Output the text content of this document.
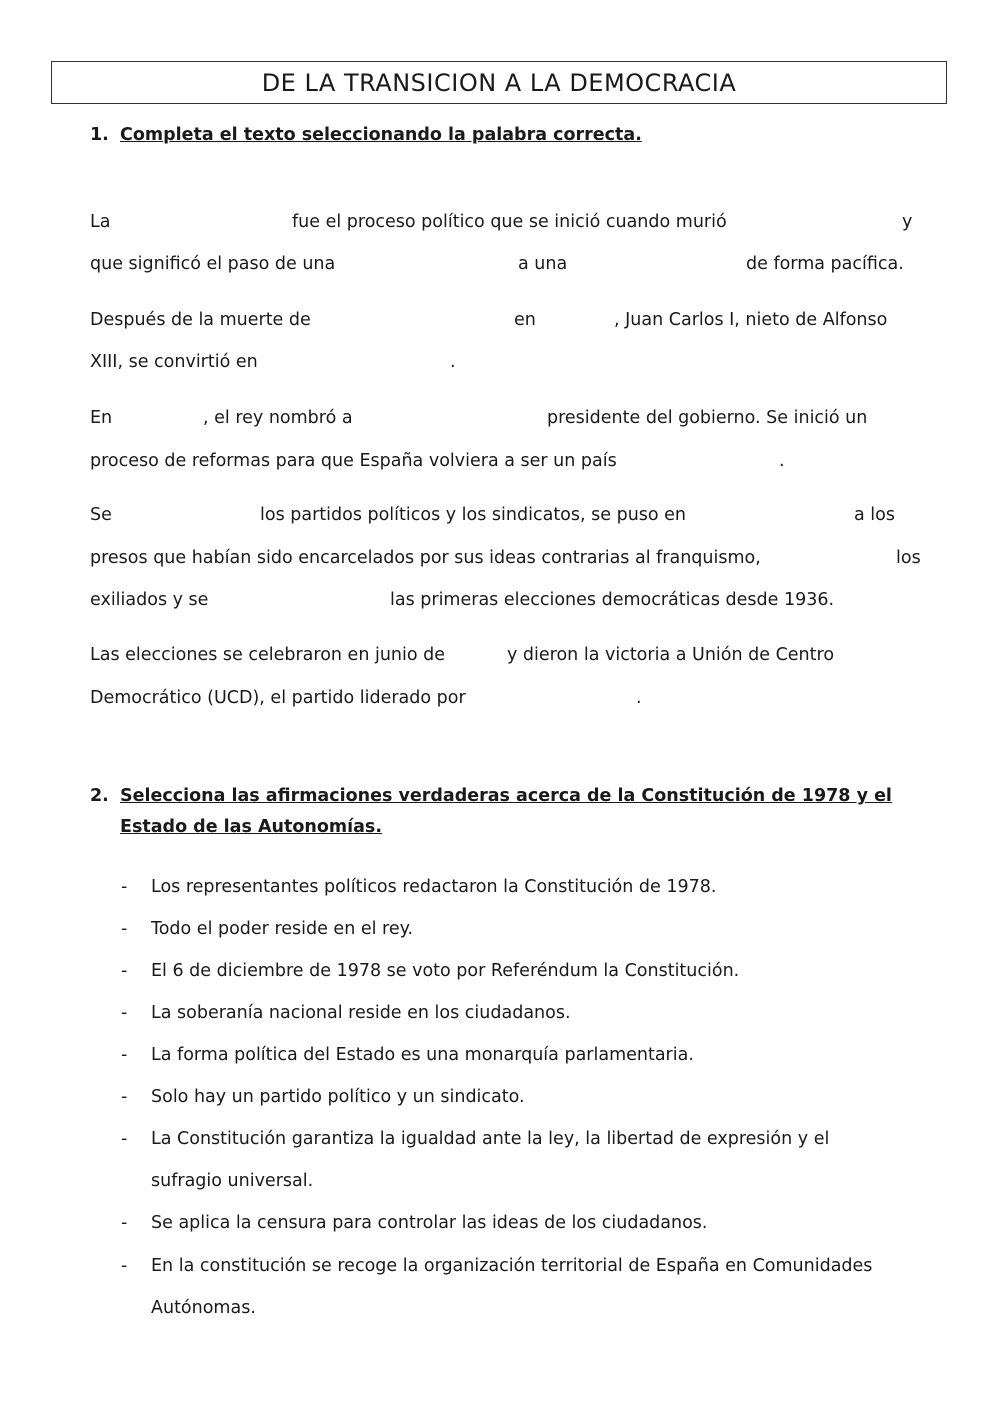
DE LA TRANSICION A LA DEMOCRACIA
1. Completa el texto seleccionando la palabra correcta.
La	fue el proceso político que se inició cuando murió	y
que significó el paso de una	a una	de forma pacífica.
Después de la muerte de	en	, Juan Carlos I, nieto de Alfonso
XIII, se convirtió en	.
En	, el rey nombró a	presidente del gobierno. Se inició un
proceso de reformas para que España volviera a ser un país	.
Se	los partidos políticos y los sindicatos, se puso en	a los
presos que habían sido encarcelados por sus ideas contrarias al franquismo,	los
exiliados y se	las primeras elecciones democráticas desde 1936.
Las elecciones se celebraron en junio de	y dieron la victoria a Unión de Centro
Democrático (UCD), el partido liderado por	.
2. Selecciona las afirmaciones verdaderas acerca de la Constitución de 1978 y el Estado de las Autonomías.
- Los representantes políticos redactaron la Constitución de 1978.
- Todo el poder reside en el rey.
- El 6 de diciembre de 1978 se voto por Referéndum la Constitución.
- La soberanía nacional reside en los ciudadanos.
- La forma política del Estado es una monarquía parlamentaria.
- Solo hay un partido político y un sindicato.
- La Constitución garantiza la igualdad ante la ley, la libertad de expresión y el
sufragio universal.
- Se aplica la censura para controlar las ideas de los ciudadanos.
- En la constitución se recoge la organización territorial de España en Comunidades
Autónomas.
